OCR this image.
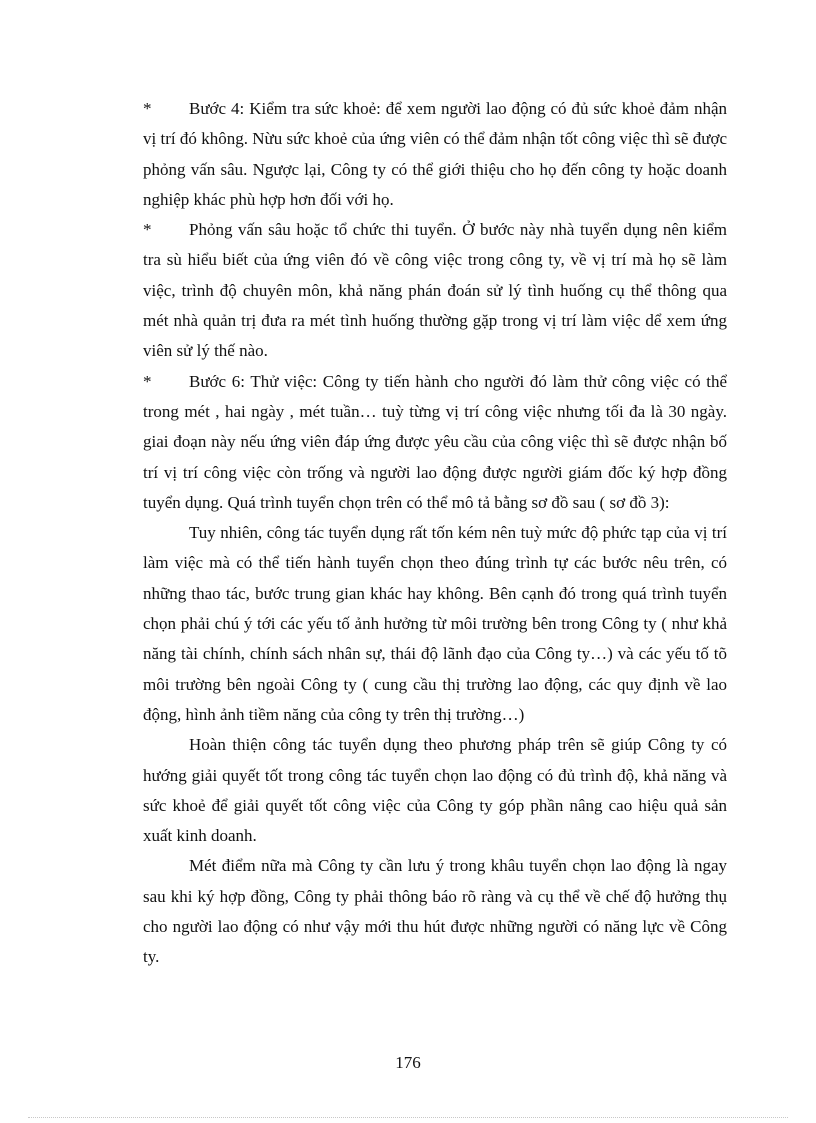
* Bước 4: Kiểm tra sức khoẻ: để xem người lao động có đủ sức khoẻ đảm nhận vị trí đó không. Nừu sức khoẻ của ứng viên có thể đảm nhận tốt công việc thì sẽ được phỏng vấn sâu. Ngược lại, Công ty có thể giới thiệu cho họ đến công ty hoặc doanh nghiệp khác phù hợp hơn đối với họ.

* Phỏng vấn sâu hoặc tổ chức thi tuyển. Ở bước này nhà tuyển dụng nên kiểm tra sù hiểu biết của ứng viên đó về công việc trong công ty, về vị trí mà họ sẽ làm việc, trình độ chuyên môn, khả năng phán đoán sử lý tình huống cụ thể thông qua mét nhà quản trị đưa ra mét tình huống thường gặp trong vị trí làm việc dể xem ứng viên sử lý thế nào.

* Bước 6: Thử việc: Công ty tiến hành cho người đó làm thử công việc có thể trong mét , hai ngày , mét tuần… tuỳ từng vị trí công việc nhưng tối đa là 30 ngày. giai đoạn này nếu ứng viên đáp ứng được yêu cầu của công việc thì sẽ được nhận bố trí vị trí công việc còn trống và người lao động được người giám đốc ký hợp đồng tuyển dụng. Quá trình tuyển chọn trên có thể mô tả bằng sơ đồ sau ( sơ đồ 3):

Tuy nhiên, công tác tuyển dụng rất tốn kém nên tuỳ mức độ phức tạp của vị trí làm việc mà có thể tiến hành tuyển chọn theo đúng trình tự các bước nêu trên, có những thao tác, bước trung gian khác hay không. Bên cạnh đó trong quá trình tuyển chọn phải chú ý tới các yếu tố ảnh hưởng từ môi trường bên trong Công ty ( như khả năng tài chính, chính sách nhân sự, thái độ lãnh đạo của Công ty…) và các yếu tố tõ môi trường bên ngoài Công ty ( cung cầu thị trường lao động, các quy định về lao động, hình ảnh tiềm năng của công ty trên thị trường…)

Hoàn thiện công tác tuyển dụng theo phương pháp trên sẽ giúp Công ty có hướng giải quyết tốt trong công tác tuyển chọn lao động có đủ trình độ, khả năng và sức khoẻ để giải quyết tốt công việc của Công ty góp phần nâng cao hiệu quả sản xuất kinh doanh.

Mét điểm nữa mà Công ty cần lưu ý trong khâu tuyển chọn lao động là ngay sau khi ký hợp đồng, Công ty phải thông báo rõ ràng và cụ thể về chế độ hưởng thụ cho người lao động có như vậy mới thu hút được những người có năng lực về Công ty.

176
